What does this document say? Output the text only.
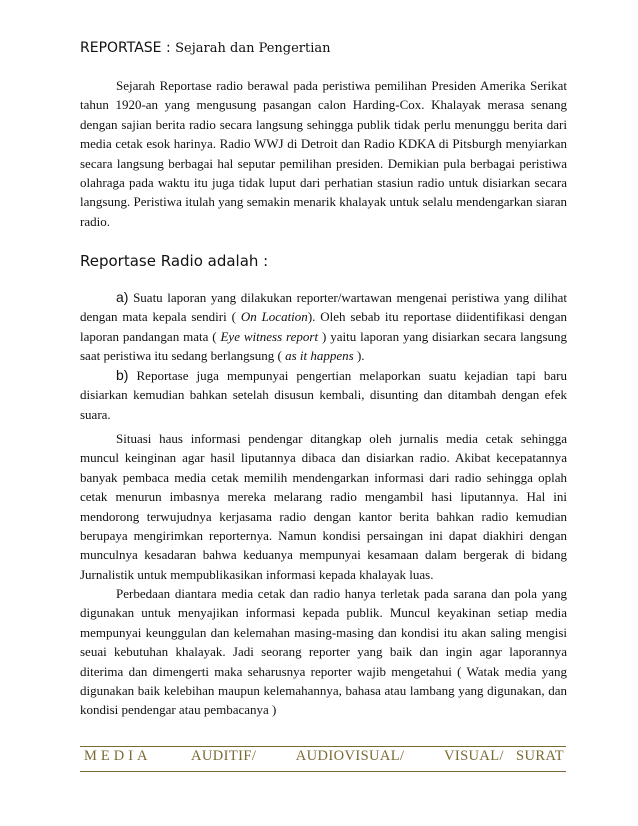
REPORTASE : Sejarah dan Pengertian

Sejarah Reportase radio berawal pada peristiwa pemilihan Presiden Amerika Serikat tahun 1920-an yang mengusung pasangan calon Harding-Cox. Khalayak merasa senang dengan sajian berita radio secara langsung sehingga publik tidak perlu menunggu berita dari media cetak esok harinya. Radio WWJ di Detroit dan Radio KDKA di Pitsburgh menyiarkan secara langsung berbagai hal seputar pemilihan presiden. Demikian pula berbagai peristiwa olahraga pada waktu itu juga tidak luput dari perhatian stasiun radio untuk disiarkan secara langsung. Peristiwa itulah yang semakin menarik khalayak untuk selalu mendengarkan siaran radio.

Reportase Radio adalah :

a) Suatu laporan yang dilakukan reporter/wartawan mengenai peristiwa yang dilihat dengan mata kepala sendiri ( On Location). Oleh sebab itu reportase diidentifikasi dengan laporan pandangan mata ( Eye witness report ) yaitu laporan yang disiarkan secara langsung saat peristiwa itu sedang berlangsung ( as it happens ).

b) Reportase juga mempunyai pengertian melaporkan suatu kejadian tapi baru disiarkan kemudian bahkan setelah disusun kembali, disunting dan ditambah dengan efek suara.

Situasi haus informasi pendengar ditangkap oleh jurnalis media cetak sehingga muncul keinginan agar hasil liputannya dibaca dan disiarkan radio. Akibat kecepatannya banyak pembaca media cetak memilih mendengarkan informasi dari radio sehingga oplah cetak menurun imbasnya mereka melarang radio mengambil hasi liputannya. Hal ini mendorong terwujudnya kerjasama radio dengan kantor berita bahkan radio kemudian berupaya mengirimkan reporternya. Namun kondisi persaingan ini dapat diakhiri dengan munculnya kesadaran bahwa keduanya mempunyai kesamaan dalam bergerak di bidang Jurnalistik untuk mempublikasikan informasi kepada khalayak luas.

Perbedaan diantara media cetak dan radio hanya terletak pada sarana dan pola yang digunakan untuk menyajikan informasi kepada publik. Muncul keyakinan setiap media mempunyai keunggulan dan kelemahan masing-masing dan kondisi itu akan saling mengisi seuai kebutuhan khalayak. Jadi seorang reporter yang baik dan ingin agar laporannya diterima dan dimengerti maka seharusnya reporter wajib mengetahui ( Watak media yang digunakan baik kelebihan maupun kelemahannya, bahasa atau lambang yang digunakan, dan kondisi pendengar atau pembacanya )

MEDIA	AUDITIF/	AUDIOVISUAL/	VISUAL/   SURAT
